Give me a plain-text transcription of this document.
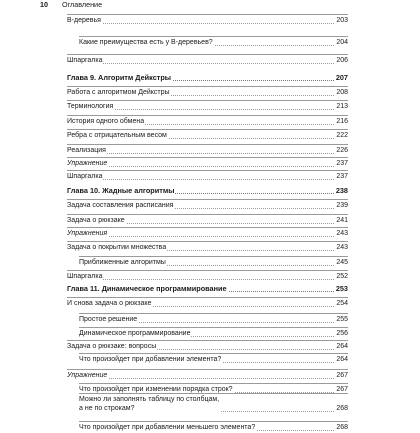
10 Оглавление
B-деревья	203
Какие преимущества есть у B-деревьев?	204
Шпаргалка	206
Глава 9. Алгоритм Дейкстры	207
Работа с алгоритмом Дейкстры	208
Терминология	213
История одного обмена	216
Ребра с отрицательным весом	222
Реализация	226
Упражнение	237
Шпаргалка	237
Глава 10. Жадные алгоритмы	238
Задача составления расписания	239
Задача о рюкзаке	241
Упражнения	243
Задача о покрытии множества	243
Приближенные алгоритмы	245
Шпаргалка	252
Глава 11. Динамическое программирование	253
И снова задача о рюкзаке	254
Простое решение	255
Динамическое программирование	256
Задача о рюкзаке: вопросы	264
Что произойдет при добавлении элемента?	264
Упражнение	267
Что произойдет при изменении порядка строк?	267
Можно ли заполнять таблицу по столбцам,
а не по строкам?	268
Что произойдет при добавлении меньшего элемента?	268
